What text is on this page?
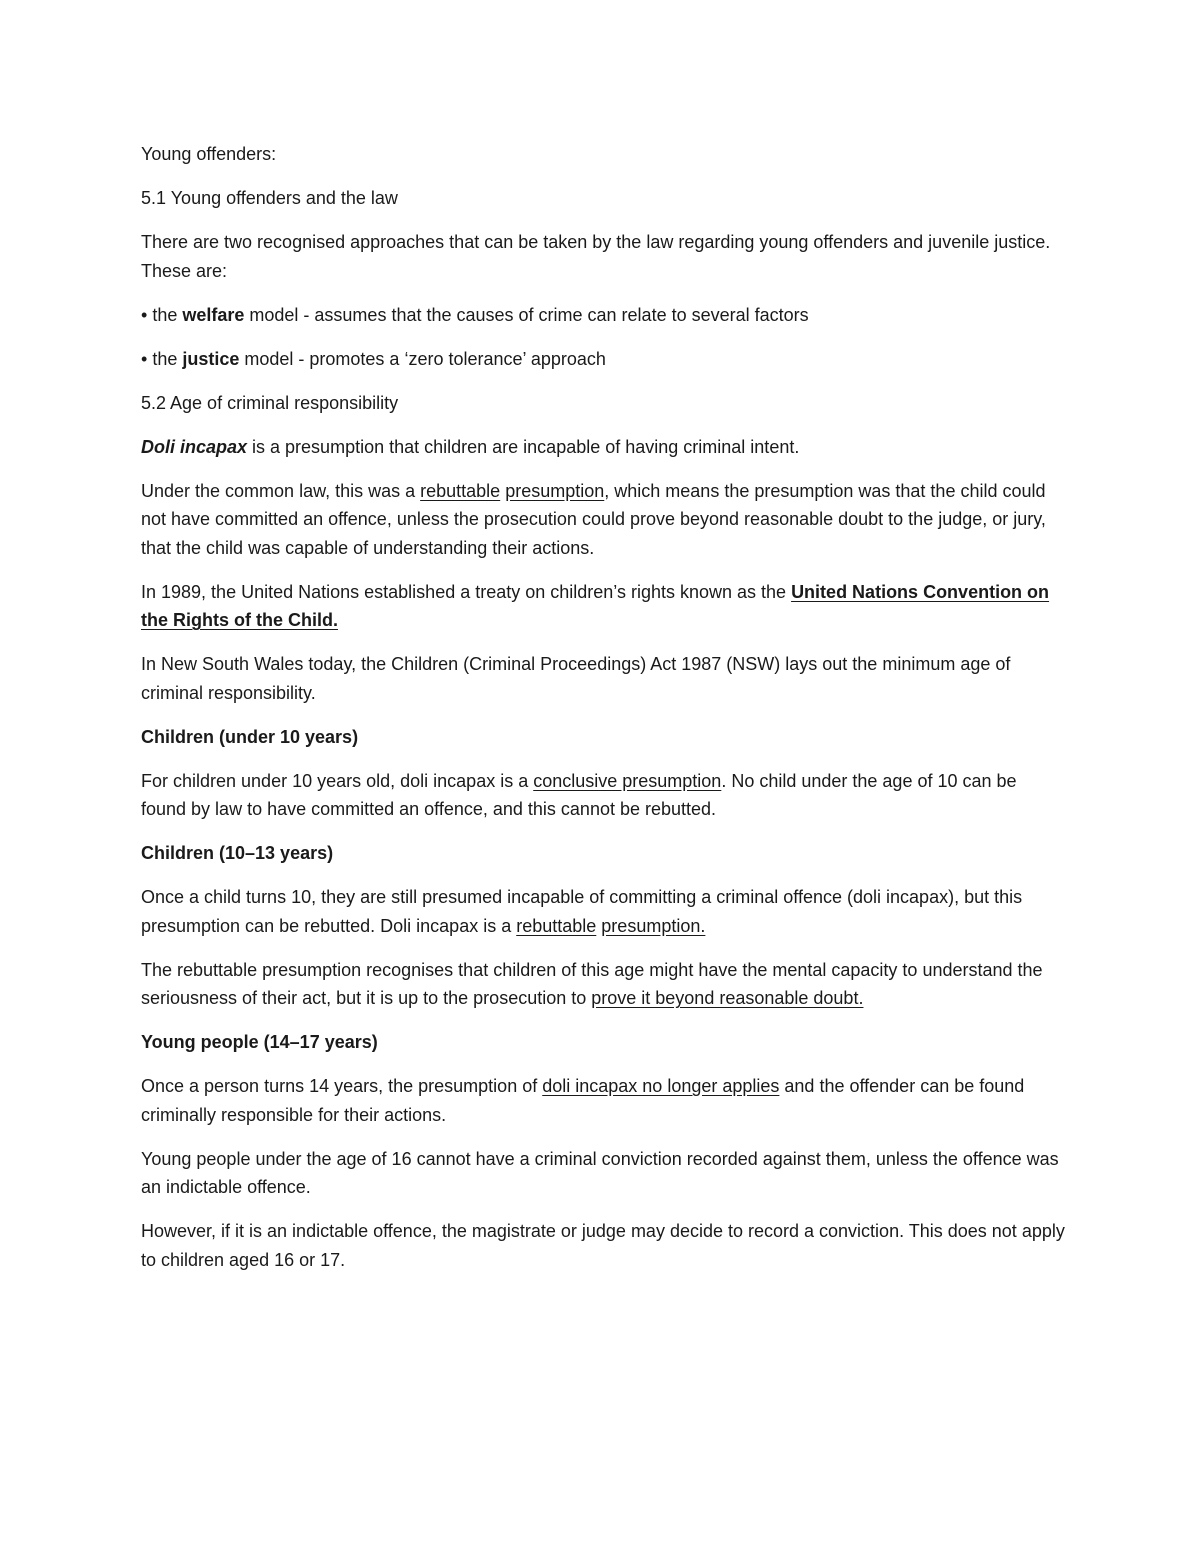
Young offenders:

5.1 Young offenders and the law

There are two recognised approaches that can be taken by the law regarding young offenders and juvenile justice. These are:

• the welfare model - assumes that the causes of crime can relate to several factors

• the justice model - promotes a ‘zero tolerance’ approach

5.2 Age of criminal responsibility

Doli incapax is a presumption that children are incapable of having criminal intent.

Under the common law, this was a rebuttable presumption, which means the presumption was that the child could not have committed an offence, unless the prosecution could prove beyond reasonable doubt to the judge, or jury, that the child was capable of understanding their actions.

In 1989, the United Nations established a treaty on children’s rights known as the United Nations Convention on the Rights of the Child.

In New South Wales today, the Children (Criminal Proceedings) Act 1987 (NSW) lays out the minimum age of criminal responsibility.

Children (under 10 years)

For children under 10 years old, doli incapax is a conclusive presumption. No child under the age of 10 can be found by law to have committed an offence, and this cannot be rebutted.

Children (10–13 years)

Once a child turns 10, they are still presumed incapable of committing a criminal offence (doli incapax), but this presumption can be rebutted. Doli incapax is a rebuttable presumption.

The rebuttable presumption recognises that children of this age might have the mental capacity to understand the seriousness of their act, but it is up to the prosecution to prove it beyond reasonable doubt.

Young people (14–17 years)

Once a person turns 14 years, the presumption of doli incapax no longer applies and the offender can be found criminally responsible for their actions.

Young people under the age of 16 cannot have a criminal conviction recorded against them, unless the offence was an indictable offence.

However, if it is an indictable offence, the magistrate or judge may decide to record a conviction. This does not apply to children aged 16 or 17.
